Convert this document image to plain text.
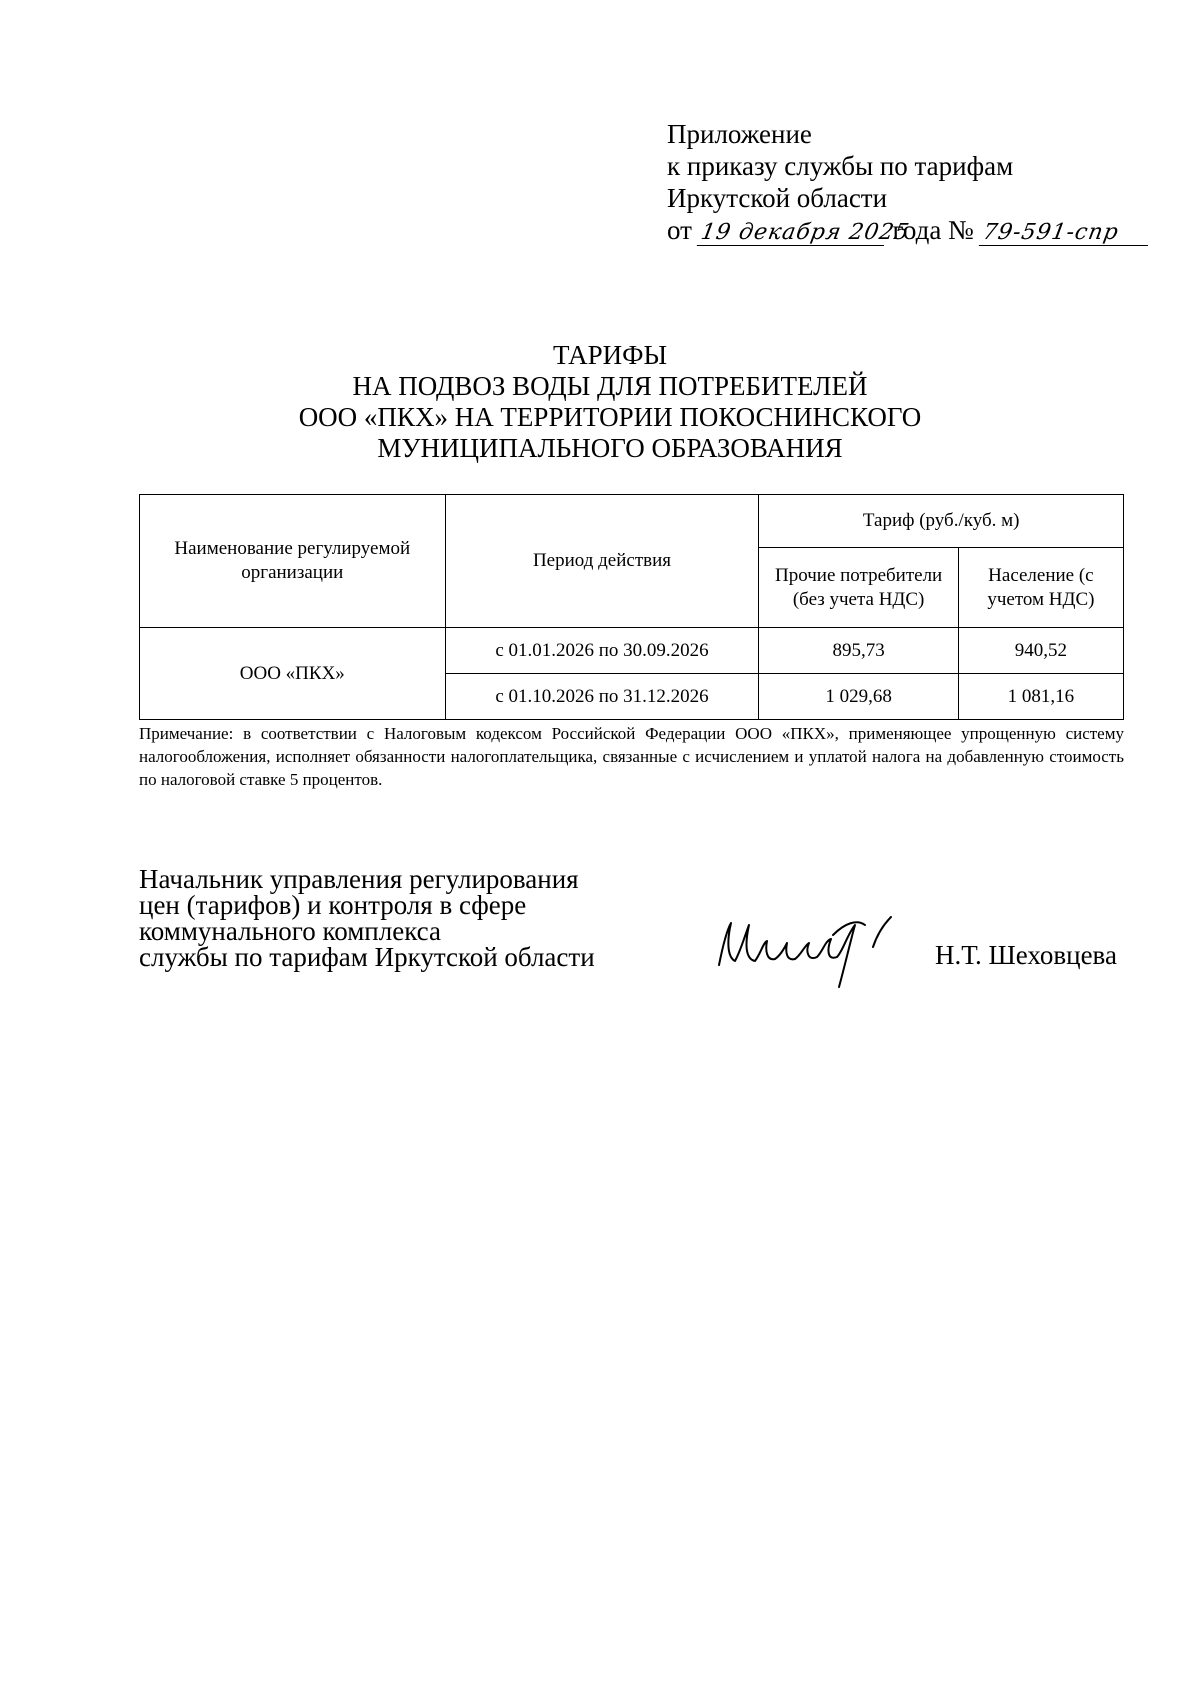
Приложение
к приказу службы по тарифам
Иркутской области
от 19 декабря 2025 года № 79-591-спр
ТАРИФЫ
НА ПОДВОЗ ВОДЫ ДЛЯ ПОТРЕБИТЕЛЕЙ
ООО «ПКХ» НА ТЕРРИТОРИИ ПОКОСНИНСКОГО
МУНИЦИПАЛЬНОГО ОБРАЗОВАНИЯ
Наименование регулируемой организации	Период действия	Тариф (руб./куб. м)	
		Прочие потребители (без учета НДС)	Население (с учетом НДС)
ООО «ПКХ»	с 01.01.2026 по 30.09.2026	895,73	940,52
	с 01.10.2026 по 31.12.2026	1 029,68	1 081,16
Примечание: в соответствии с Налоговым кодексом Российской Федерации ООО «ПКХ», применяющее упрощенную систему налогообложения, исполняет обязанности налогоплательщика, связанные с исчислением и уплатой налога на добавленную стоимость по налоговой ставке 5 процентов.
Начальник управления регулирования
цен (тарифов) и контроля в сфере
коммунального комплекса
службы по тарифам Иркутской области	Н.Т. Шеховцева
